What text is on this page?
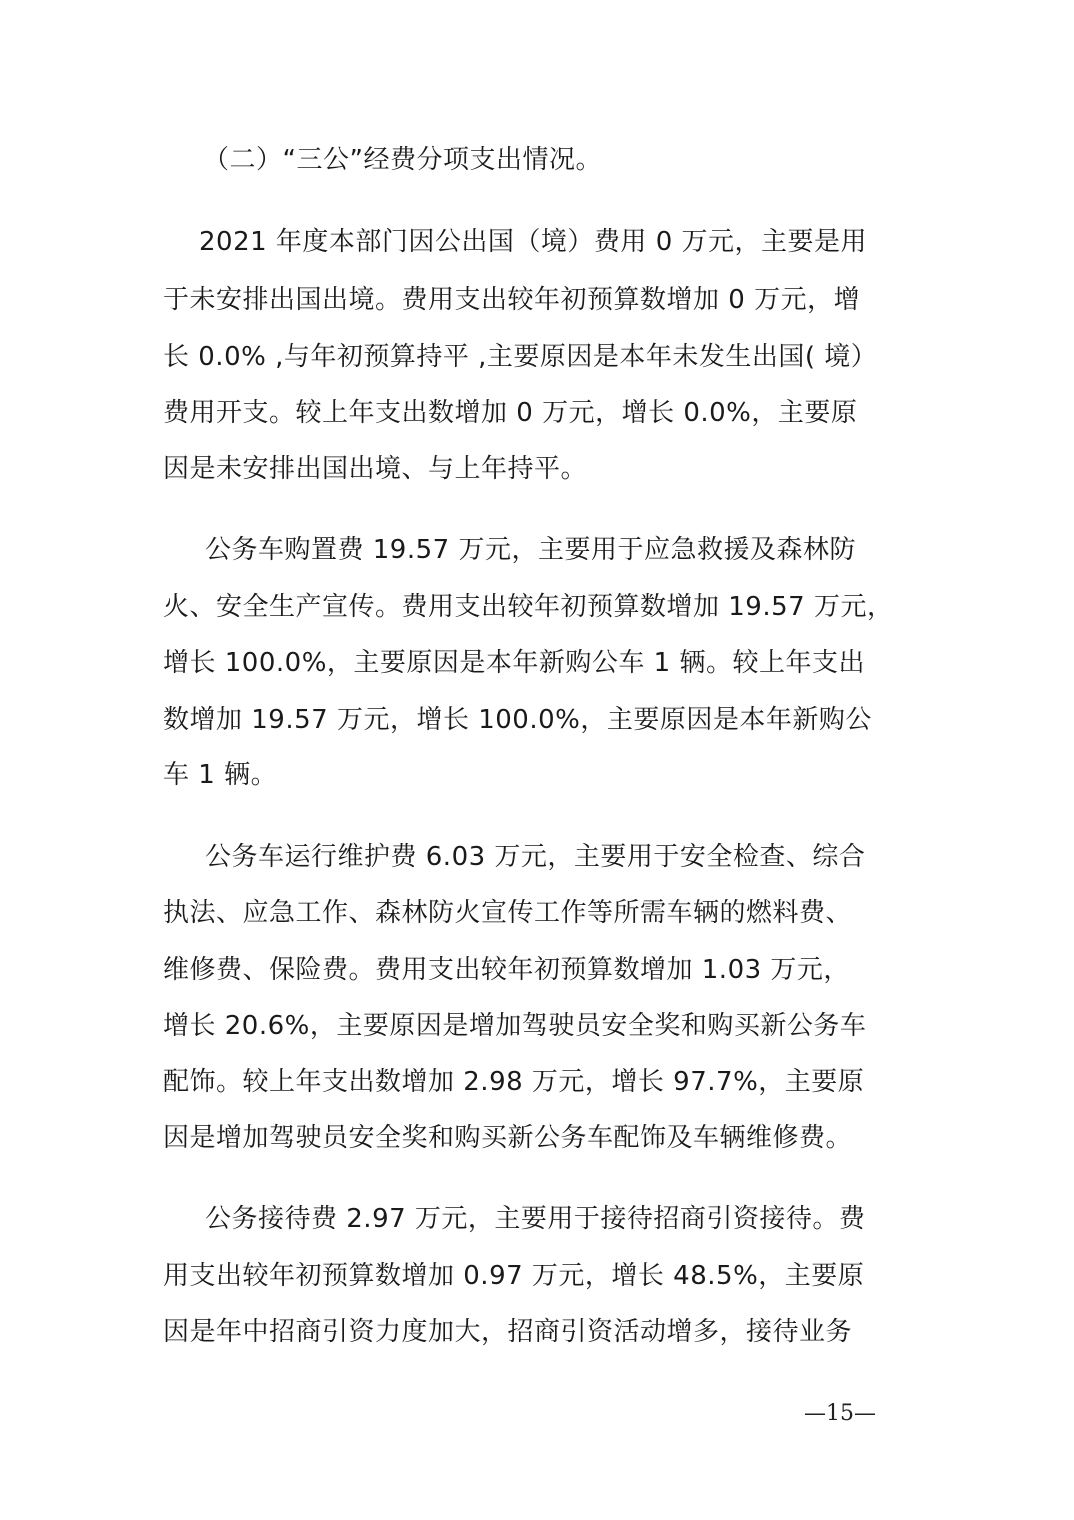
（二）“三公”经费分项支出情况。
2021 年度本部门因公出国（境）费用 0 万元，主要是用
于未安排出国出境。费用支出较年初预算数增加 0 万元，增
长 0.0% ,与年初预算持平 ,主要原因是本年未发生出国( 境）
费用开支。较上年支出数增加 0 万元，增长 0.0%，主要原
因是未安排出国出境、与上年持平。
公务车购置费 19.57 万元，主要用于应急救援及森林防
火、安全生产宣传。费用支出较年初预算数增加 19.57 万元，
增长 100.0%，主要原因是本年新购公车 1 辆。较上年支出
数增加 19.57 万元，增长 100.0%，主要原因是本年新购公
车 1 辆。
公务车运行维护费 6.03 万元，主要用于安全检查、综合
执法、应急工作、森林防火宣传工作等所需车辆的燃料费、
维修费、保险费。费用支出较年初预算数增加 1.03 万元，
增长 20.6%，主要原因是增加驾驶员安全奖和购买新公务车
配饰。较上年支出数增加 2.98 万元，增长 97.7%，主要原
因是增加驾驶员安全奖和购买新公务车配饰及车辆维修费。
公务接待费 2.97 万元，主要用于接待招商引资接待。费
用支出较年初预算数增加 0.97 万元，增长 48.5%，主要原
因是年中招商引资力度加大，招商引资活动增多，接待业务
—15—
